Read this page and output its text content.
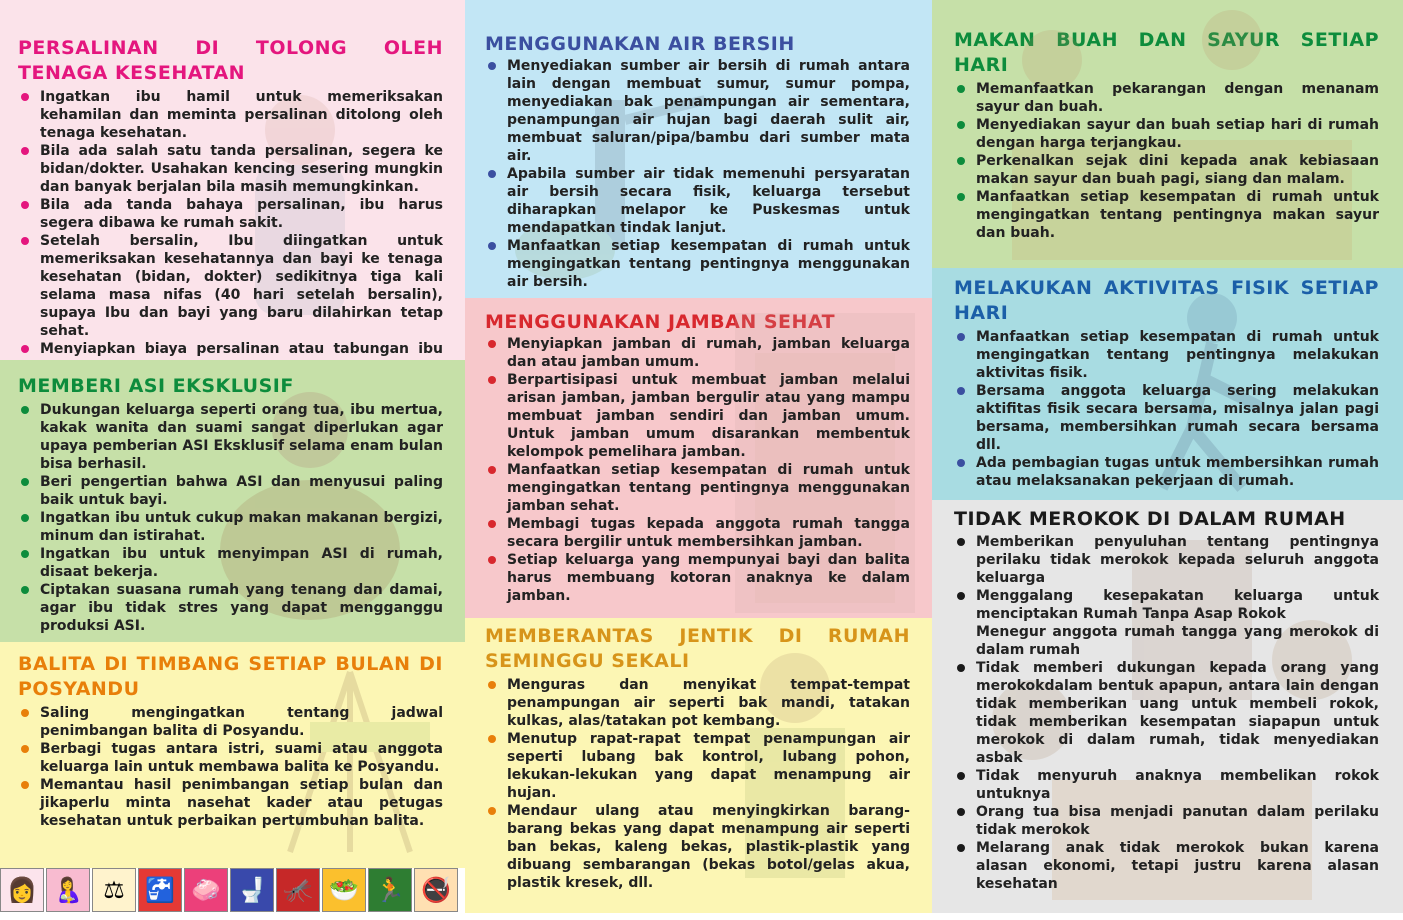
PERSALINAN DI TOLONG OLEH TENAGA KESEHATAN
Ingatkan ibu hamil untuk memeriksakan kehamilan dan meminta persalinan ditolong oleh tenaga kesehatan.
Bila ada salah satu tanda persalinan, segera ke bidan/dokter. Usahakan kencing sesering mungkin dan banyak berjalan bila masih memungkinkan.
Bila ada tanda bahaya persalinan, ibu harus segera dibawa ke rumah sakit.
Setelah bersalin, Ibu diingatkan untuk memeriksakan kesehatannya dan bayi ke tenaga kesehatan (bidan, dokter) sedikitnya tiga kali selama masa nifas (40 hari setelah bersalin), supaya Ibu dan bayi yang baru dilahirkan tetap sehat.
Menyiapkan biaya persalinan atau tabungan ibu
MEMBERI ASI EKSKLUSIF
Dukungan keluarga seperti orang tua, ibu mertua, kakak wanita dan suami sangat diperlukan agar upaya pemberian ASI Eksklusif selama enam bulan bisa berhasil.
Beri pengertian bahwa ASI dan menyusui paling baik untuk bayi.
Ingatkan ibu untuk cukup makan makanan bergizi, minum dan istirahat.
Ingatkan ibu untuk menyimpan ASI di rumah, disaat bekerja.
Ciptakan suasana rumah yang tenang dan damai, agar ibu tidak stres yang dapat mengganggu produksi ASI.
BALITA DI TIMBANG SETIAP BULAN DI POSYANDU
Saling mengingatkan tentang jadwal penimbangan balita di Posyandu.
Berbagi tugas antara istri, suami atau anggota keluarga lain untuk membawa balita ke Posyandu.
Memantau hasil penimbangan setiap bulan dan jikaperlu minta nasehat kader atau petugas kesehatan untuk perbaikan pertumbuhan balita.
👩 🤱 ⚖ 🚰 🧼 🚽 🦟 🥗 🏃 🚭
MENGGUNAKAN AIR BERSIH
Menyediakan sumber air bersih di rumah antara lain dengan membuat sumur, sumur pompa, menyediakan bak penampungan air sementara, penampungan air hujan bagi daerah sulit air, membuat saluran/pipa/bambu dari sumber mata air.
Apabila sumber air tidak memenuhi persyaratan air bersih secara fisik, keluarga tersebut diharapkan melapor ke Puskesmas untuk mendapatkan tindak lanjut.
Manfaatkan setiap kesempatan di rumah untuk mengingatkan tentang pentingnya menggunakan air bersih.
MENGGUNAKAN JAMBAN SEHAT
Menyiapkan jamban di rumah, jamban keluarga dan atau jamban umum.
Berpartisipasi untuk membuat jamban melalui arisan jamban, jamban bergulir atau yang mampu membuat jamban sendiri dan jamban umum. Untuk jamban umum disarankan membentuk kelompok pemelihara jamban.
Manfaatkan setiap kesempatan di rumah untuk mengingatkan tentang pentingnya menggunakan jamban sehat.
Membagi tugas kepada anggota rumah tangga secara bergilir untuk membersihkan jamban.
Setiap keluarga yang mempunyai bayi dan balita harus membuang kotoran anaknya ke dalam jamban.
MEMBERANTAS JENTIK DI RUMAH SEMINGGU SEKALI
Menguras dan menyikat tempat-tempat penampungan air seperti bak mandi, tatakan kulkas, alas/tatakan pot kembang.
Menutup rapat-rapat tempat penampungan air seperti lubang bak kontrol, lubang pohon, lekukan-lekukan yang dapat menampung air hujan.
Mendaur ulang atau menyingkirkan barang-barang bekas yang dapat menampung air seperti ban bekas, kaleng bekas, plastik-plastik yang dibuang sembarangan (bekas botol/gelas akua, plastik kresek, dll.
MAKAN BUAH DAN SAYUR SETIAP HARI
Memanfaatkan pekarangan dengan menanam sayur dan buah.
Menyediakan sayur dan buah setiap hari di rumah dengan harga terjangkau.
Perkenalkan sejak dini kepada anak kebiasaan makan sayur dan buah pagi, siang dan malam.
Manfaatkan setiap kesempatan di rumah untuk mengingatkan tentang pentingnya makan sayur dan buah.
MELAKUKAN AKTIVITAS FISIK SETIAP HARI
Manfaatkan setiap kesempatan di rumah untuk mengingatkan tentang pentingnya melakukan aktivitas fisik.
Bersama anggota keluarga sering melakukan aktifitas fisik secara bersama, misalnya jalan pagi bersama, membersihkan rumah secara bersama dll.
Ada pembagian tugas untuk membersihkan rumah atau melaksanakan pekerjaan di rumah.
TIDAK MEROKOK DI DALAM RUMAH
Memberikan penyuluhan tentang pentingnya perilaku tidak merokok kepada seluruh anggota keluarga
Menggalang kesepakatan keluarga untuk menciptakan Rumah Tanpa Asap Rokok
Menegur anggota rumah tangga yang merokok di dalam rumah
Tidak memberi dukungan kepada orang yang merokokdalam bentuk apapun, antara lain dengan tidak memberikan uang untuk membeli rokok, tidak memberikan kesempatan siapapun untuk merokok di dalam rumah, tidak menyediakan asbak
Tidak menyuruh anaknya membelikan rokok untuknya
Orang tua bisa menjadi panutan dalam perilaku tidak merokok
Melarang anak tidak merokok bukan karena alasan ekonomi, tetapi justru karena alasan kesehatan
